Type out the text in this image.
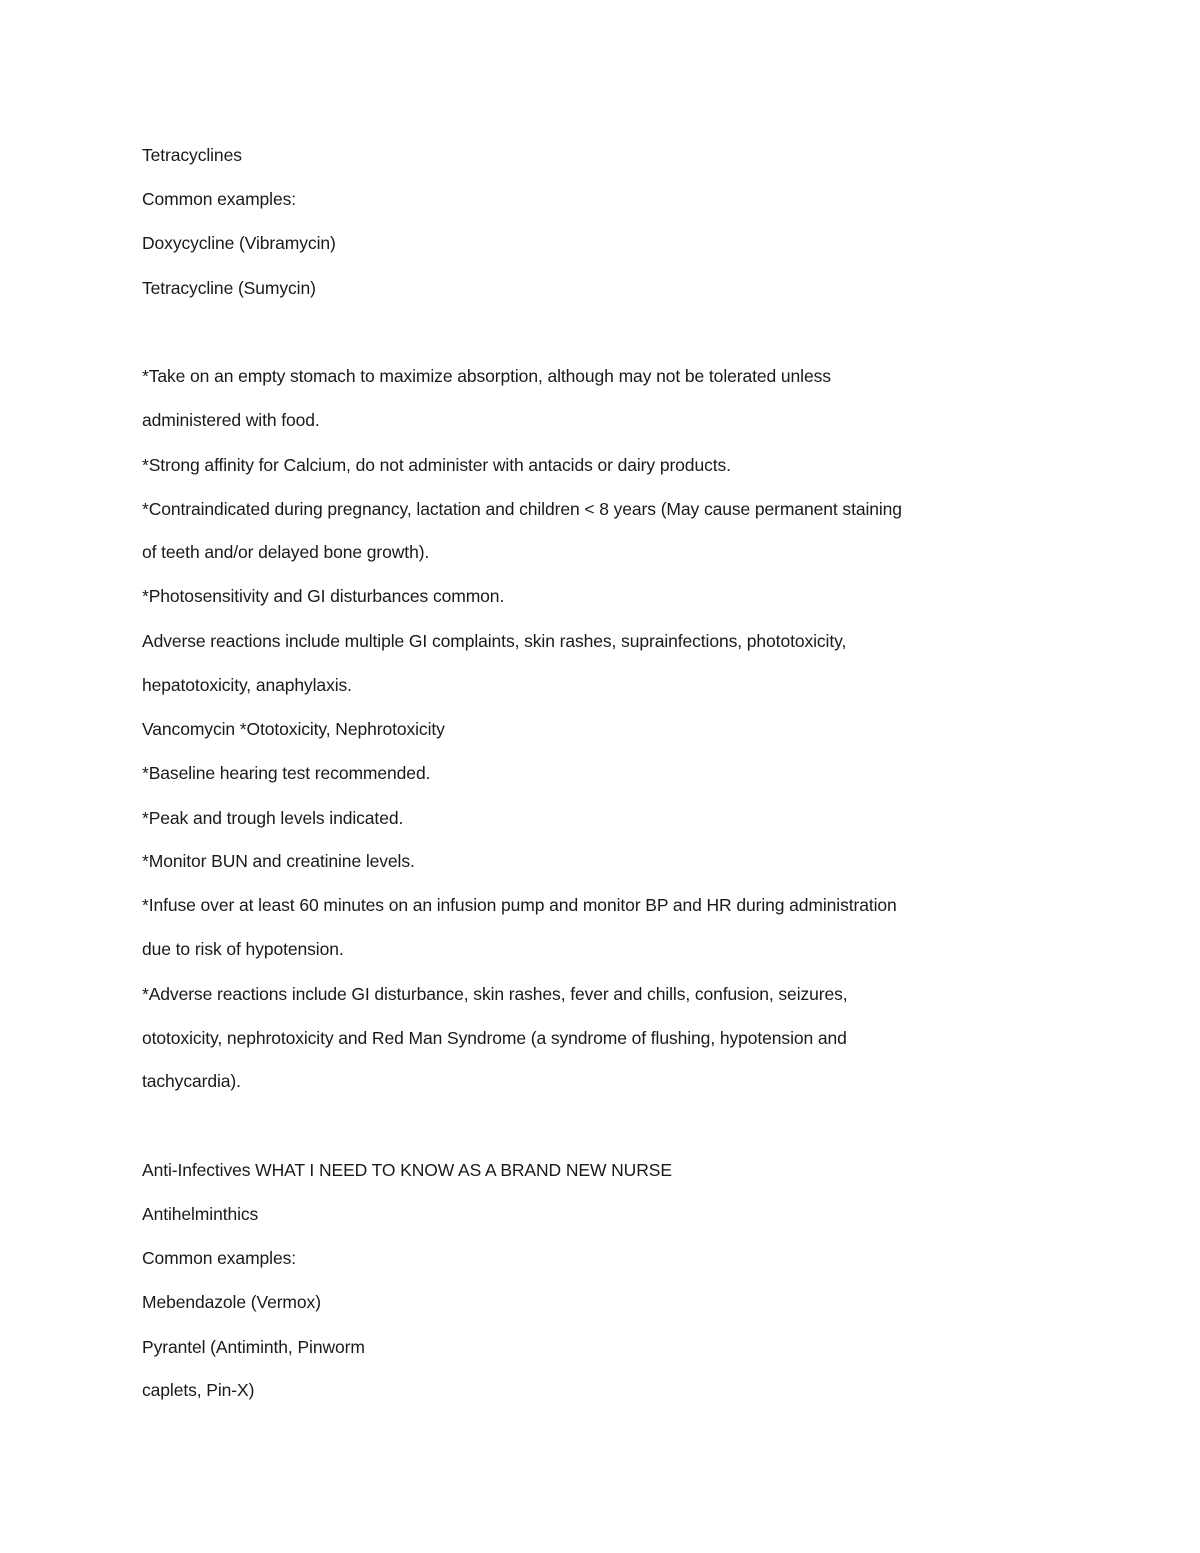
Tetracyclines

Common examples:

Doxycycline (Vibramycin)

Tetracycline (Sumycin)

*Take on an empty stomach to maximize absorption, although may not be tolerated unless

administered with food.

*Strong affinity for Calcium, do not administer with antacids or dairy products.

*Contraindicated during pregnancy, lactation and children < 8 years (May cause permanent staining

of teeth and/or delayed bone growth).

*Photosensitivity and GI disturbances common.

Adverse reactions include multiple GI complaints, skin rashes, suprainfections, phototoxicity,

hepatotoxicity, anaphylaxis.

Vancomycin *Ototoxicity, Nephrotoxicity

*Baseline hearing test recommended.

*Peak and trough levels indicated.

*Monitor BUN and creatinine levels.

*Infuse over at least 60 minutes on an infusion pump and monitor BP and HR during administration

due to risk of hypotension.

*Adverse reactions include GI disturbance, skin rashes, fever and chills, confusion, seizures,

ototoxicity, nephrotoxicity and Red Man Syndrome (a syndrome of flushing, hypotension and

tachycardia).

Anti-Infectives WHAT I NEED TO KNOW AS A BRAND NEW NURSE

Antihelminthics

Common examples:

Mebendazole (Vermox)

Pyrantel (Antiminth, Pinworm

caplets, Pin-X)
